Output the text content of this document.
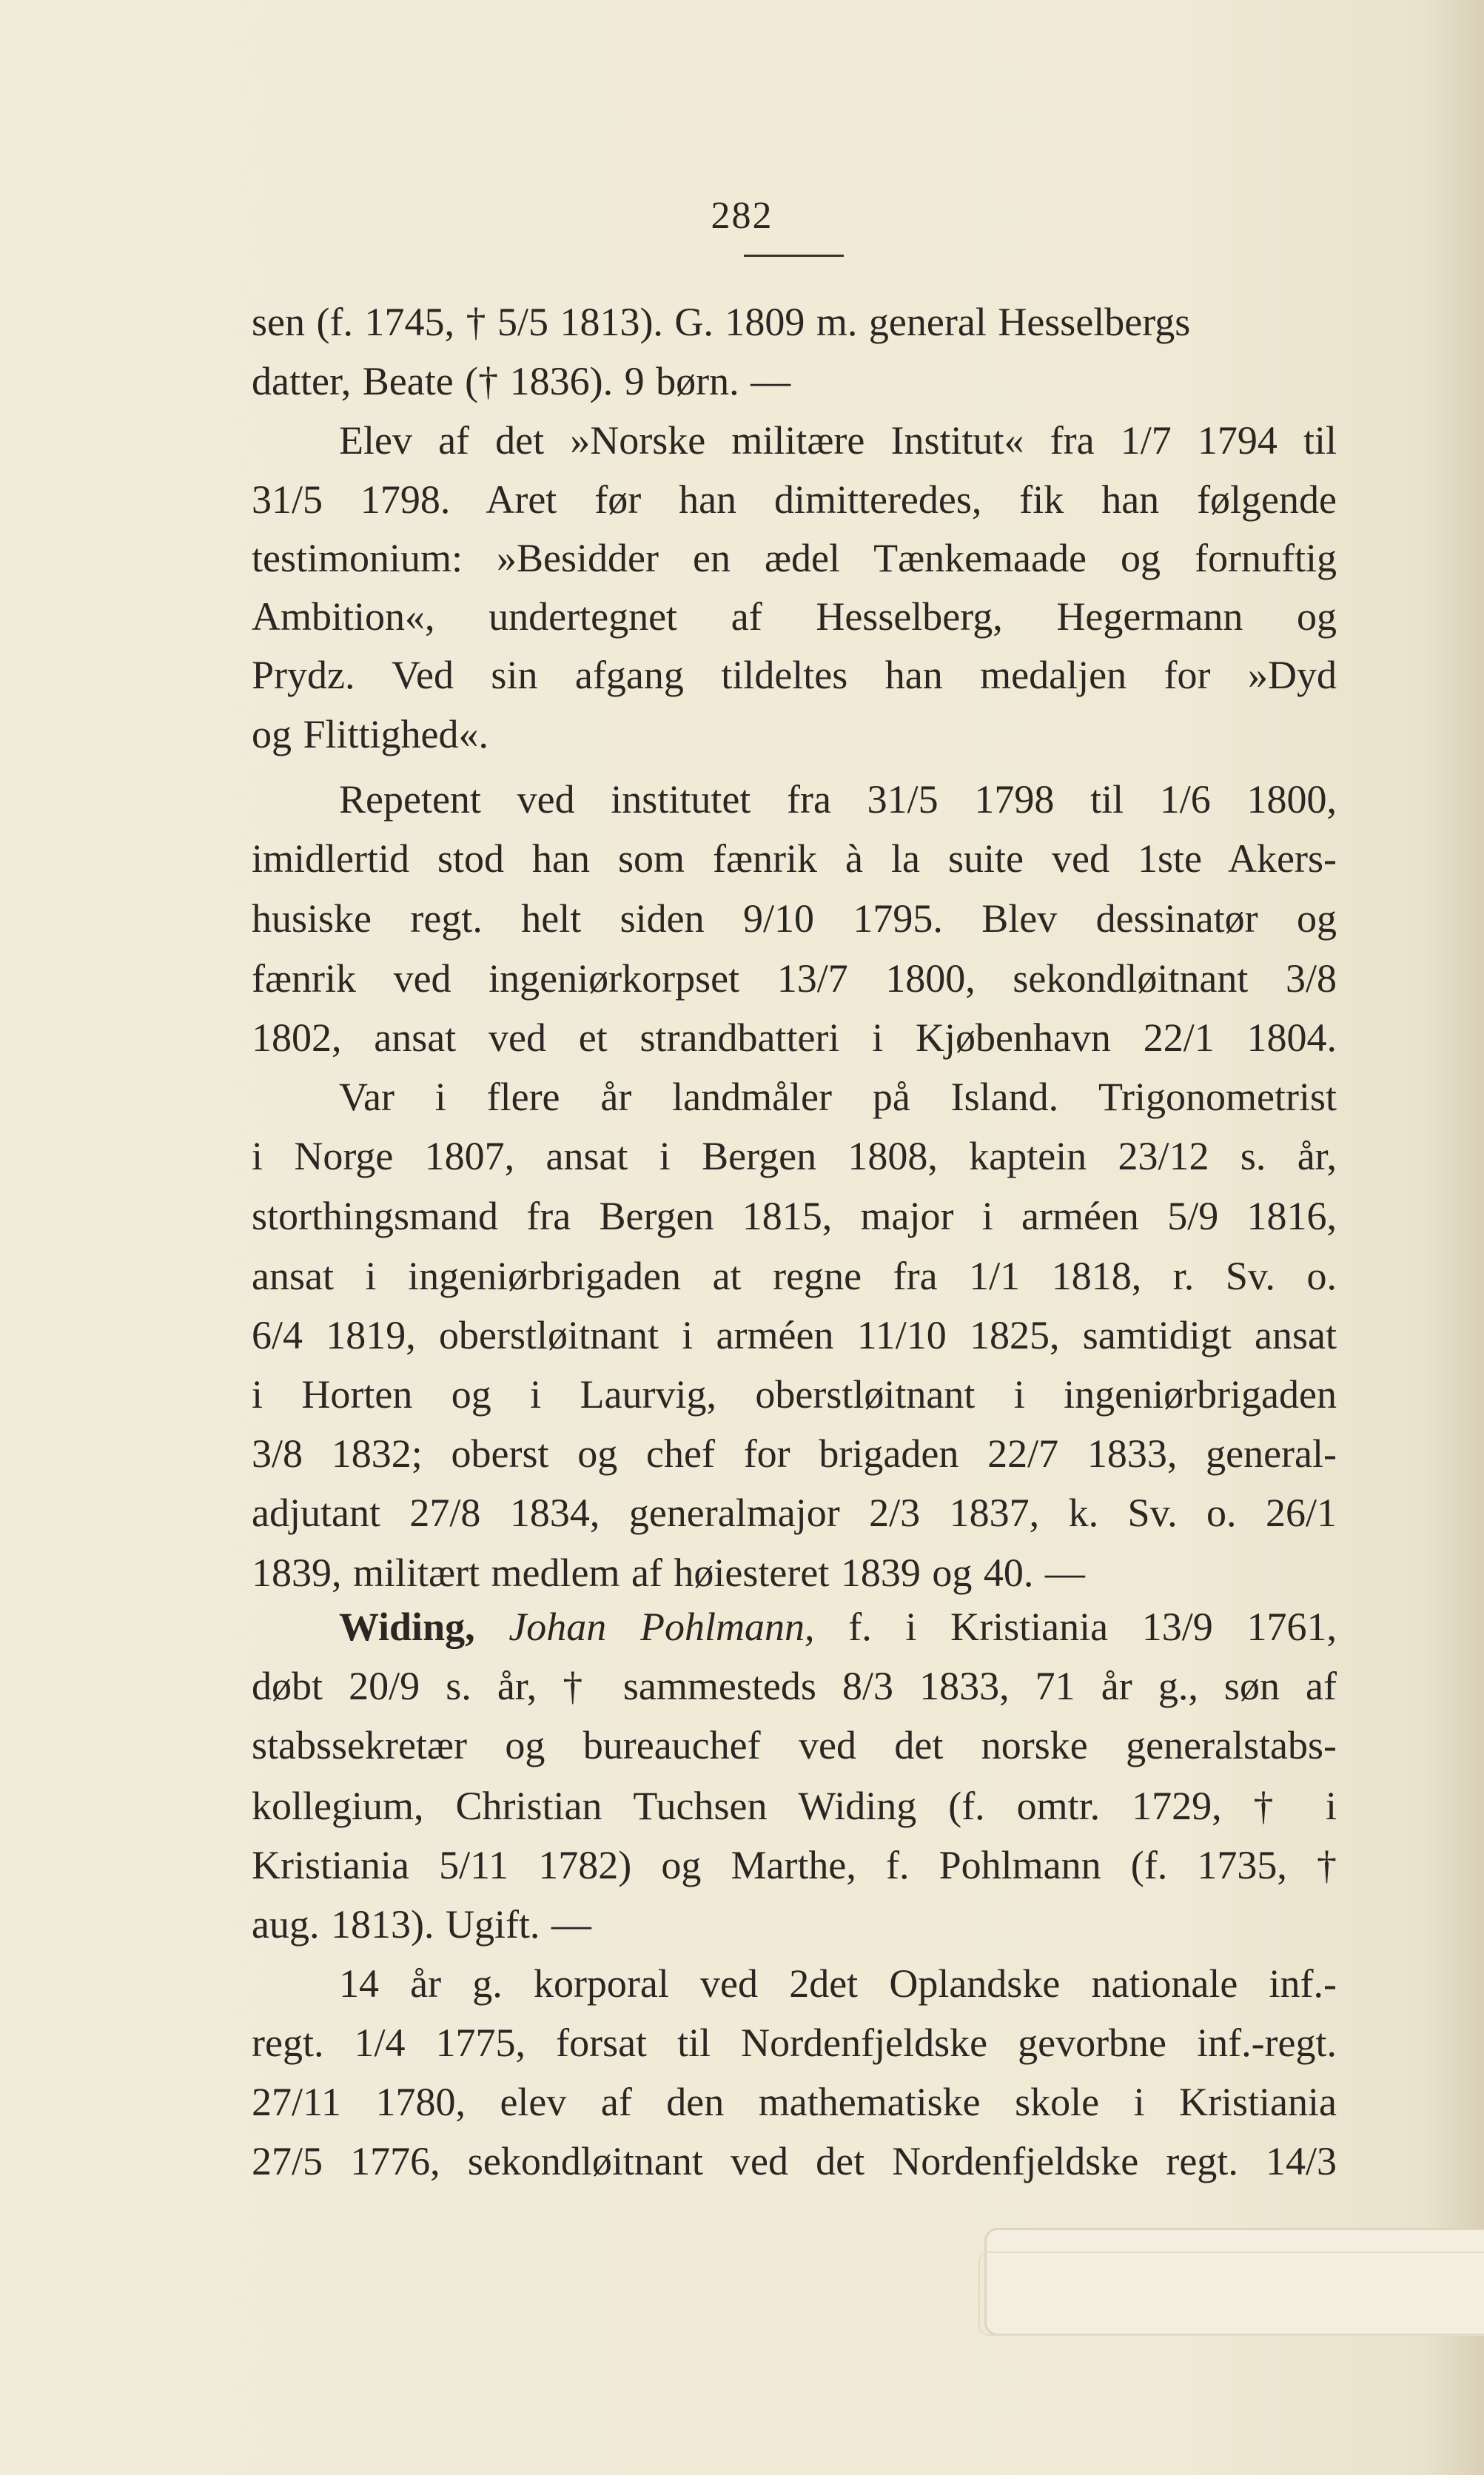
282
sen (f. 1745, † 5/5 1813). G. 1809 m. general Hesselbergs
datter, Beate († 1836). 9 børn. —
Elev af det »Norske militære Institut« fra 1/7 1794 til
31/5 1798. Aret før han dimitteredes, fik han følgende
testimonium: »Besidder en ædel Tænkemaade og fornuftig
Ambition«, undertegnet af Hesselberg, Hegermann og
Prydz. Ved sin afgang tildeltes han medaljen for »Dyd
og Flittighed«.
Repetent ved institutet fra 31/5 1798 til 1/6 1800,
imidlertid stod han som fænrik à la suite ved 1ste Akers-
husiske regt. helt siden 9/10 1795. Blev dessinatør og
fænrik ved ingeniørkorpset 13/7 1800, sekondløitnant 3/8
1802, ansat ved et strandbatteri i Kjøbenhavn 22/1 1804.
Var i flere år landmåler på Island. Trigonometrist
i Norge 1807, ansat i Bergen 1808, kaptein 23/12 s. år,
storthingsmand fra Bergen 1815, major i arméen 5/9 1816,
ansat i ingeniørbrigaden at regne fra 1/1 1818, r. Sv. o.
6/4 1819, oberstløitnant i arméen 11/10 1825, samtidigt ansat
i Horten og i Laurvig, oberstløitnant i ingeniørbrigaden
3/8 1832; oberst og chef for brigaden 22/7 1833, general-
adjutant 27/8 1834, generalmajor 2/3 1837, k. Sv. o. 26/1
1839, militært medlem af høiesteret 1839 og 40. —
Widing, Johan Pohlmann, f. i Kristiania 13/9 1761,
døbt 20/9 s. år, † sammesteds 8/3 1833, 71 år g., søn af
stabssekretær og bureauchef ved det norske generalstabs-
kollegium, Christian Tuchsen Widing (f. omtr. 1729, † i
Kristiania 5/11 1782) og Marthe, f. Pohlmann (f. 1735, †
aug. 1813). Ugift. —
14 år g. korporal ved 2det Oplandske nationale inf.-
regt. 1/4 1775, forsat til Nordenfjeldske gevorbne inf.-regt.
27/11 1780, elev af den mathematiske skole i Kristiania
27/5 1776, sekondløitnant ved det Nordenfjeldske regt. 14/3
